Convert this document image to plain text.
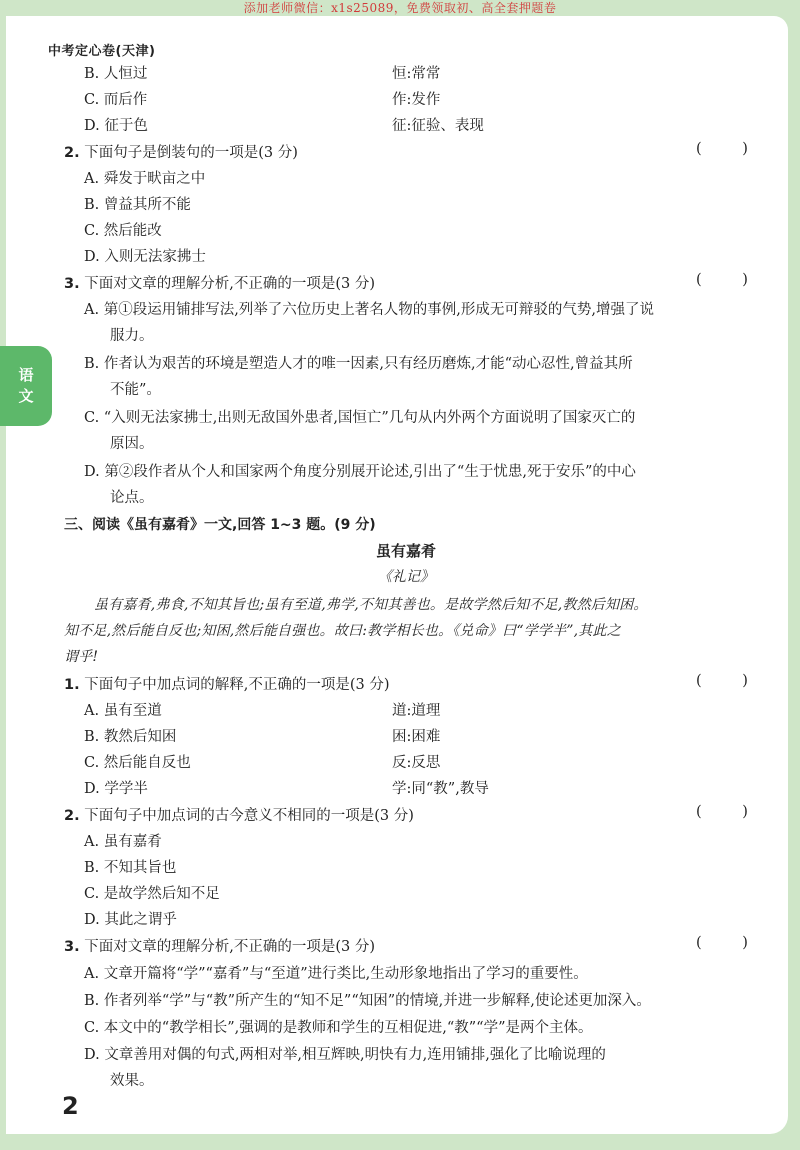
添加老师微信：x1s25089，免费领取初、高全套押题卷
中考定心卷(天津)
语
文
2
B. 人恒过	恒:常常
C. 而后作	作:发作
D. 征于色	征:征验、表现
2. 下面句子是倒装句的一项是(3 分)	( )
A. 舜发于畎亩之中
B. 曾益其所不能
C. 然后能改
D. 入则无法家拂士
3. 下面对文章的理解分析,不正确的一项是(3 分)	( )
A. 第①段运用铺排写法,列举了六位历史上著名人物的事例,形成无可辩驳的气势,增强了说
服力。
B. 作者认为艰苦的环境是塑造人才的唯一因素,只有经历磨炼,才能“动心忍性,曾益其所
不能”。
C. “入则无法家拂士,出则无敌国外患者,国恒亡”几句从内外两个方面说明了国家灭亡的
原因。
D. 第②段作者从个人和国家两个角度分别展开论述,引出了“生于忧患,死于安乐”的中心
论点。
三、阅读《虽有嘉肴》一文,回答 1~3 题。(9 分)
虽有嘉肴
《礼记》
虽有嘉肴,弗食,不知其旨也;虽有至道,弗学,不知其善也。是故学然后知不足,教然后知困。
知不足,然后能自反也;知困,然后能自强也。故曰:教学相长也。《兑命》曰“学学半”,其此之
谓乎!
1. 下面句子中加点词的解释,不正确的一项是(3 分)	( )
A. 虽有至道	道:道理
B. 教然后知困	困:困难
C. 然后能自反也	反:反思
D. 学学半	学:同“教”,教导
2. 下面句子中加点词的古今意义不相同的一项是(3 分)	( )
A. 虽有嘉肴
B. 不知其旨也
C. 是故学然后知不足
D. 其此之谓乎
3. 下面对文章的理解分析,不正确的一项是(3 分)	( )
A. 文章开篇将“学”“嘉肴”与“至道”进行类比,生动形象地指出了学习的重要性。
B. 作者列举“学”与“教”所产生的“知不足”“知困”的情境,并进一步解释,使论述更加深入。
C. 本文中的“教学相长”,强调的是教师和学生的互相促进,“教”“学”是两个主体。
D. 文章善用对偶的句式,两相对举,相互辉映,明快有力,连用铺排,强化了比喻说理的
效果。
